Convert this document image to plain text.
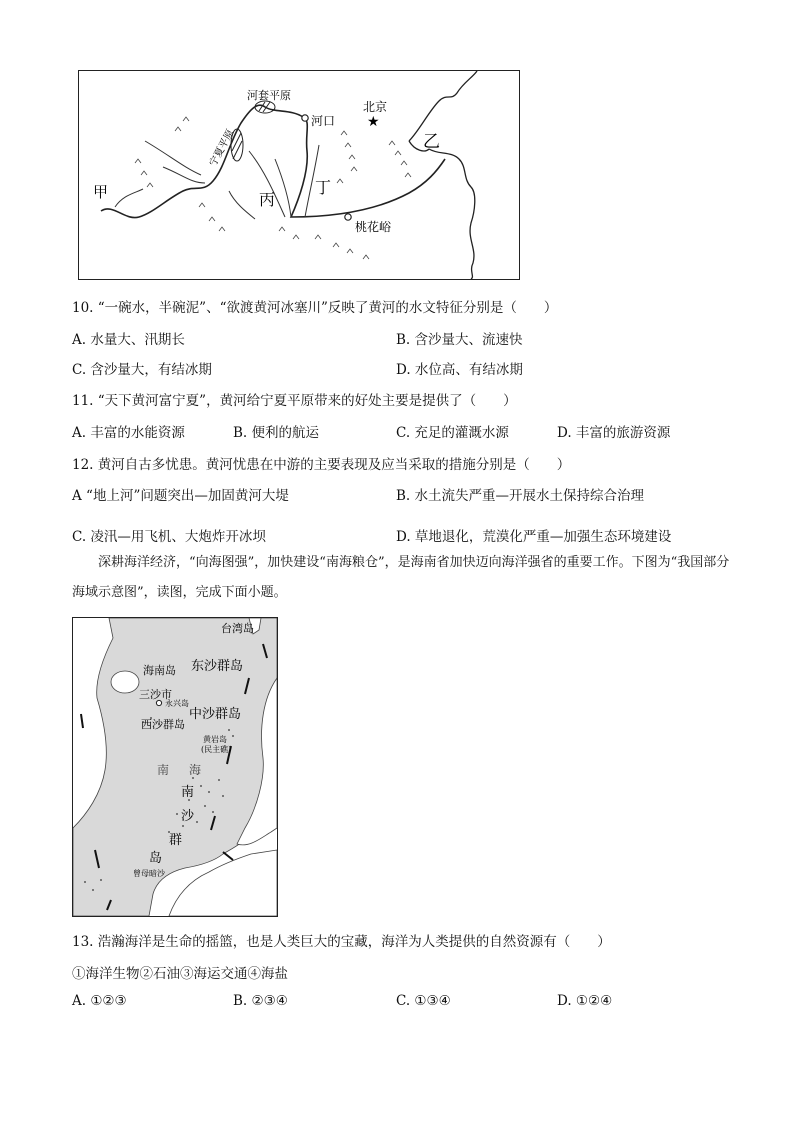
★
河套平原
河口
北京
甲
乙
丙
丁
桃花峪
宁夏平原
10. “一碗水，半碗泥”、“欲渡黄河冰塞川”反映了黄河的水文特征分别是（　　）
A. 水量大、汛期长	B. 含沙量大、流速快
C. 含沙量大，有结冰期	D. 水位高、有结冰期
11. “天下黄河富宁夏”，黄河给宁夏平原带来的好处主要是提供了（　　）
A. 丰富的水能资源	B. 便利的航运	C. 充足的灌溉水源	D. 丰富的旅游资源
12. 黄河自古多忧患。黄河忧患在中游的主要表现及应当采取的措施分别是（　　）
A “地上河”问题突出—加固黄河大堤	B. 水土流失严重—开展水土保持综合治理
C. 凌汛—用飞机、大炮炸开冰坝	D. 草地退化，荒漠化严重—加强生态环境建设
深耕海洋经济，“向海图强”，加快建设“南海粮仓”，是海南省加快迈向海洋强省的重要工作。下图为“我国部分海域示意图”，读图，完成下面小题。
台湾岛
海南岛 东沙群岛
三沙市
永兴岛
中沙群岛
西沙群岛
黄岩岛
(民主礁)
南 海
南
沙
群
岛
曾母暗沙
13. 浩瀚海洋是生命的摇篮，也是人类巨大的宝藏，海洋为人类提供的自然资源有（　　）
①海洋生物②石油③海运交通④海盐
A. ①②③	B. ②③④	C. ①③④	D. ①②④
